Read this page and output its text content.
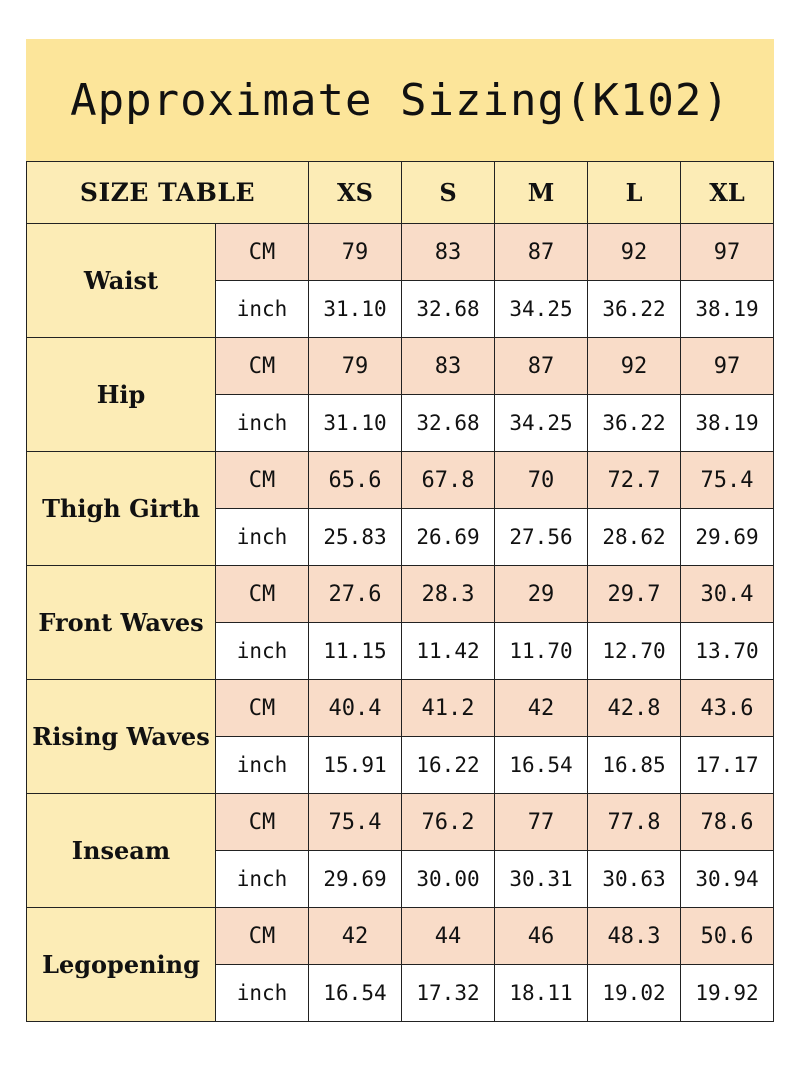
Approximate Sizing(K102)
SIZE TABLE		XS	S	M	L	XL
Waist	CM	79	83	87	92	97
	inch	31.10	32.68	34.25	36.22	38.19
Hip	CM	79	83	87	92	97
	inch	31.10	32.68	34.25	36.22	38.19
Thigh Girth	CM	65.6	67.8	70	72.7	75.4
	inch	25.83	26.69	27.56	28.62	29.69
Front Waves	CM	27.6	28.3	29	29.7	30.4
	inch	11.15	11.42	11.70	12.70	13.70
Rising Waves	CM	40.4	41.2	42	42.8	43.6
	inch	15.91	16.22	16.54	16.85	17.17
Inseam	CM	75.4	76.2	77	77.8	78.6
	inch	29.69	30.00	30.31	30.63	30.94
Legopening	CM	42	44	46	48.3	50.6
	inch	16.54	17.32	18.11	19.02	19.92
